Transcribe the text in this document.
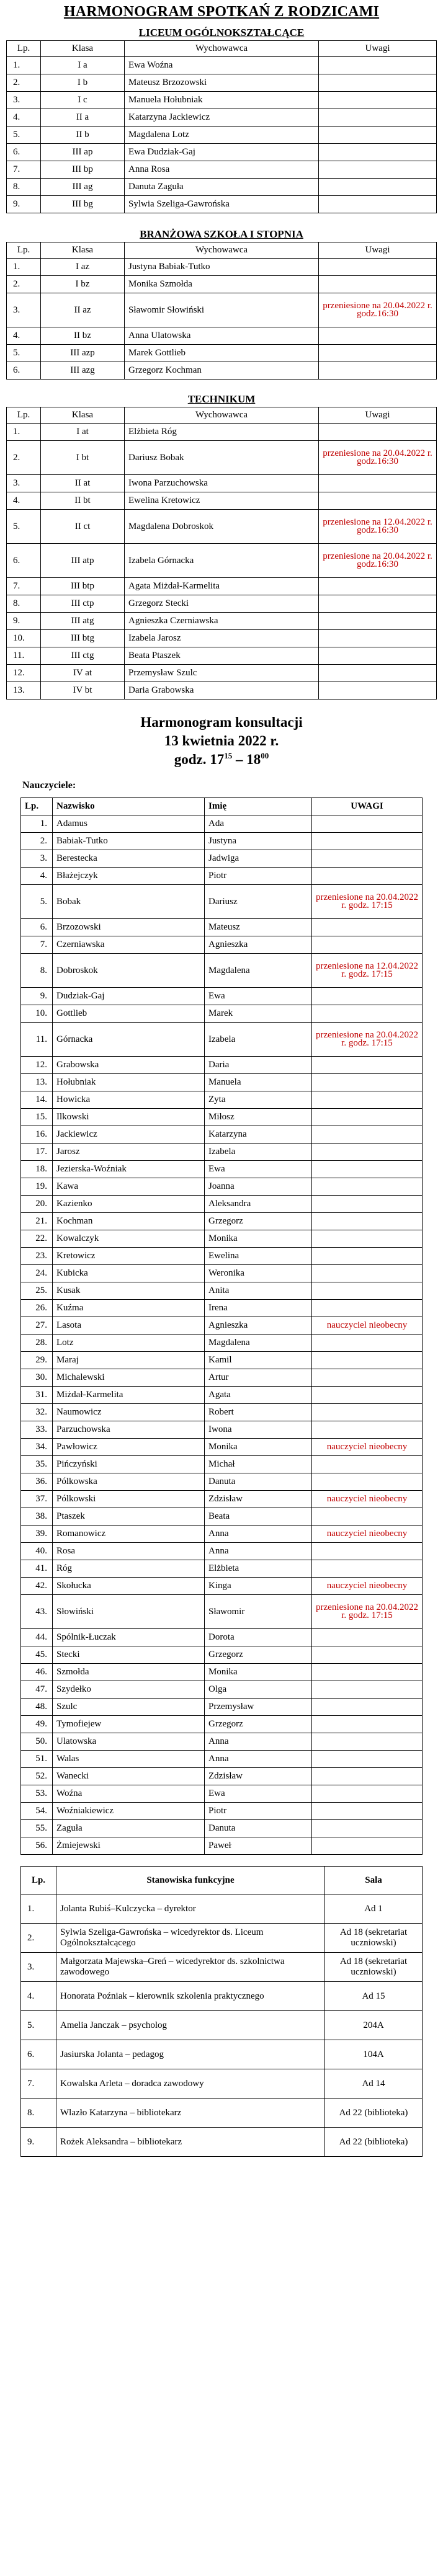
HARMONOGRAM SPOTKAŃ Z RODZICAMI
LICEUM OGÓLNOKSZTAŁCĄCE
Lp.	Klasa	Wychowawca	Uwagi
1.	I a	Ewa Woźna	
2.	I b	Mateusz Brzozowski	
3.	I c	Manuela Hołubniak	
4.	II a	Katarzyna Jackiewicz	
5.	II b	Magdalena Lotz	
6.	III ap	Ewa Dudziak-Gaj	
7.	III bp	Anna Rosa	
8.	III ag	Danuta Zaguła	
9.	III bg	Sylwia Szeliga-Gawrońska	
BRANŻOWA SZKOŁA I STOPNIA
Lp.	Klasa	Wychowawca	Uwagi
1.	I az	Justyna Babiak-Tutko	
2.	I bz	Monika Szmołda	
3.	II az	Sławomir Słowiński	przeniesione na 20.04.2022 r. godz.16:30
4.	II bz	Anna Ulatowska	
5.	III azp	Marek Gottlieb	
6.	III azg	Grzegorz Kochman	
TECHNIKUM
Lp.	Klasa	Wychowawca	Uwagi
1.	I at	Elżbieta Róg	
2.	I bt	Dariusz Bobak	przeniesione na 20.04.2022 r. godz.16:30
3.	II at	Iwona Parzuchowska	
4.	II bt	Ewelina Kretowicz	
5.	II ct	Magdalena Dobroskok	przeniesione na 12.04.2022 r. godz.16:30
6.	III atp	Izabela Górnacka	przeniesione na 20.04.2022 r. godz.16:30
7.	III btp	Agata Miżdał-Karmelita	
8.	III ctp	Grzegorz Stecki	
9.	III atg	Agnieszka Czerniawska	
10.	III btg	Izabela Jarosz	
11.	III ctg	Beata Ptaszek	
12.	IV at	Przemysław Szulc	
13.	IV bt	Daria Grabowska	
Harmonogram konsultacji
13 kwietnia 2022 r.
godz. $17^{15} - 18^{00}$
Nauczyciele:
Lp.	Nazwisko	Imię	UWAGI
1.	Adamus	Ada	
2.	Babiak-Tutko	Justyna	
3.	Berestecka	Jadwiga	
4.	Błażejczyk	Piotr	
5.	Bobak	Dariusz	przeniesione na 20.04.2022 r. godz. 17:15
6.	Brzozowski	Mateusz	
7.	Czerniawska	Agnieszka	
8.	Dobroskok	Magdalena	przeniesione na 12.04.2022 r. godz. 17:15
9.	Dudziak-Gaj	Ewa	
10.	Gottlieb	Marek	
11.	Górnacka	Izabela	przeniesione na 20.04.2022 r. godz. 17:15
12.	Grabowska	Daria	
13.	Hołubniak	Manuela	
14.	Howicka	Zyta	
15.	Ilkowski	Miłosz	
16.	Jackiewicz	Katarzyna	
17.	Jarosz	Izabela	
18.	Jezierska-Woźniak	Ewa	
19.	Kawa	Joanna	
20.	Kazienko	Aleksandra	
21.	Kochman	Grzegorz	
22.	Kowalczyk	Monika	
23.	Kretowicz	Ewelina	
24.	Kubicka	Weronika	
25.	Kusak	Anita	
26.	Kuźma	Irena	
27.	Lasota	Agnieszka	nauczyciel nieobecny
28.	Lotz	Magdalena	
29.	Maraj	Kamil	
30.	Michalewski	Artur	
31.	Miżdał-Karmelita	Agata	
32.	Naumowicz	Robert	
33.	Parzuchowska	Iwona	
34.	Pawłowicz	Monika	nauczyciel nieobecny
35.	Pińczyński	Michał	
36.	Pólkowska	Danuta	
37.	Pólkowski	Zdzisław	nauczyciel nieobecny
38.	Ptaszek	Beata	
39.	Romanowicz	Anna	nauczyciel nieobecny
40.	Rosa	Anna	
41.	Róg	Elżbieta	
42.	Skołucka	Kinga	nauczyciel nieobecny
43.	Słowiński	Sławomir	przeniesione na 20.04.2022 r. godz. 17:15
44.	Spólnik-Łuczak	Dorota	
45.	Stecki	Grzegorz	
46.	Szmołda	Monika	
47.	Szydełko	Olga	
48.	Szulc	Przemysław	
49.	Tymofiejew	Grzegorz	
50.	Ulatowska	Anna	
51.	Walas	Anna	
52.	Wanecki	Zdzisław	
53.	Woźna	Ewa	
54.	Woźniakiewicz	Piotr	
55.	Zaguła	Danuta	
56.	Żmiejewski	Paweł	
Lp.	Stanowiska funkcyjne	Sala
1.	Jolanta Rubiś–Kulczycka – dyrektor	Ad 1
2.	Sylwia Szeliga-Gawrońska – wicedyrektor ds. Liceum Ogólnokształcącego	Ad 18 (sekretariat uczniowski)
3.	Małgorzata Majewska–Greń – wicedyrektor ds. szkolnictwa zawodowego	Ad 18 (sekretariat uczniowski)
4.	Honorata Poźniak – kierownik szkolenia praktycznego	Ad 15
5.	Amelia Janczak – psycholog	204A
6.	Jasiurska Jolanta – pedagog	104A
7.	Kowalska Arleta – doradca zawodowy	Ad 14
8.	Wlazło Katarzyna – bibliotekarz	Ad 22 (biblioteka)
9.	Rożek Aleksandra – bibliotekarz	Ad 22 (biblioteka)
